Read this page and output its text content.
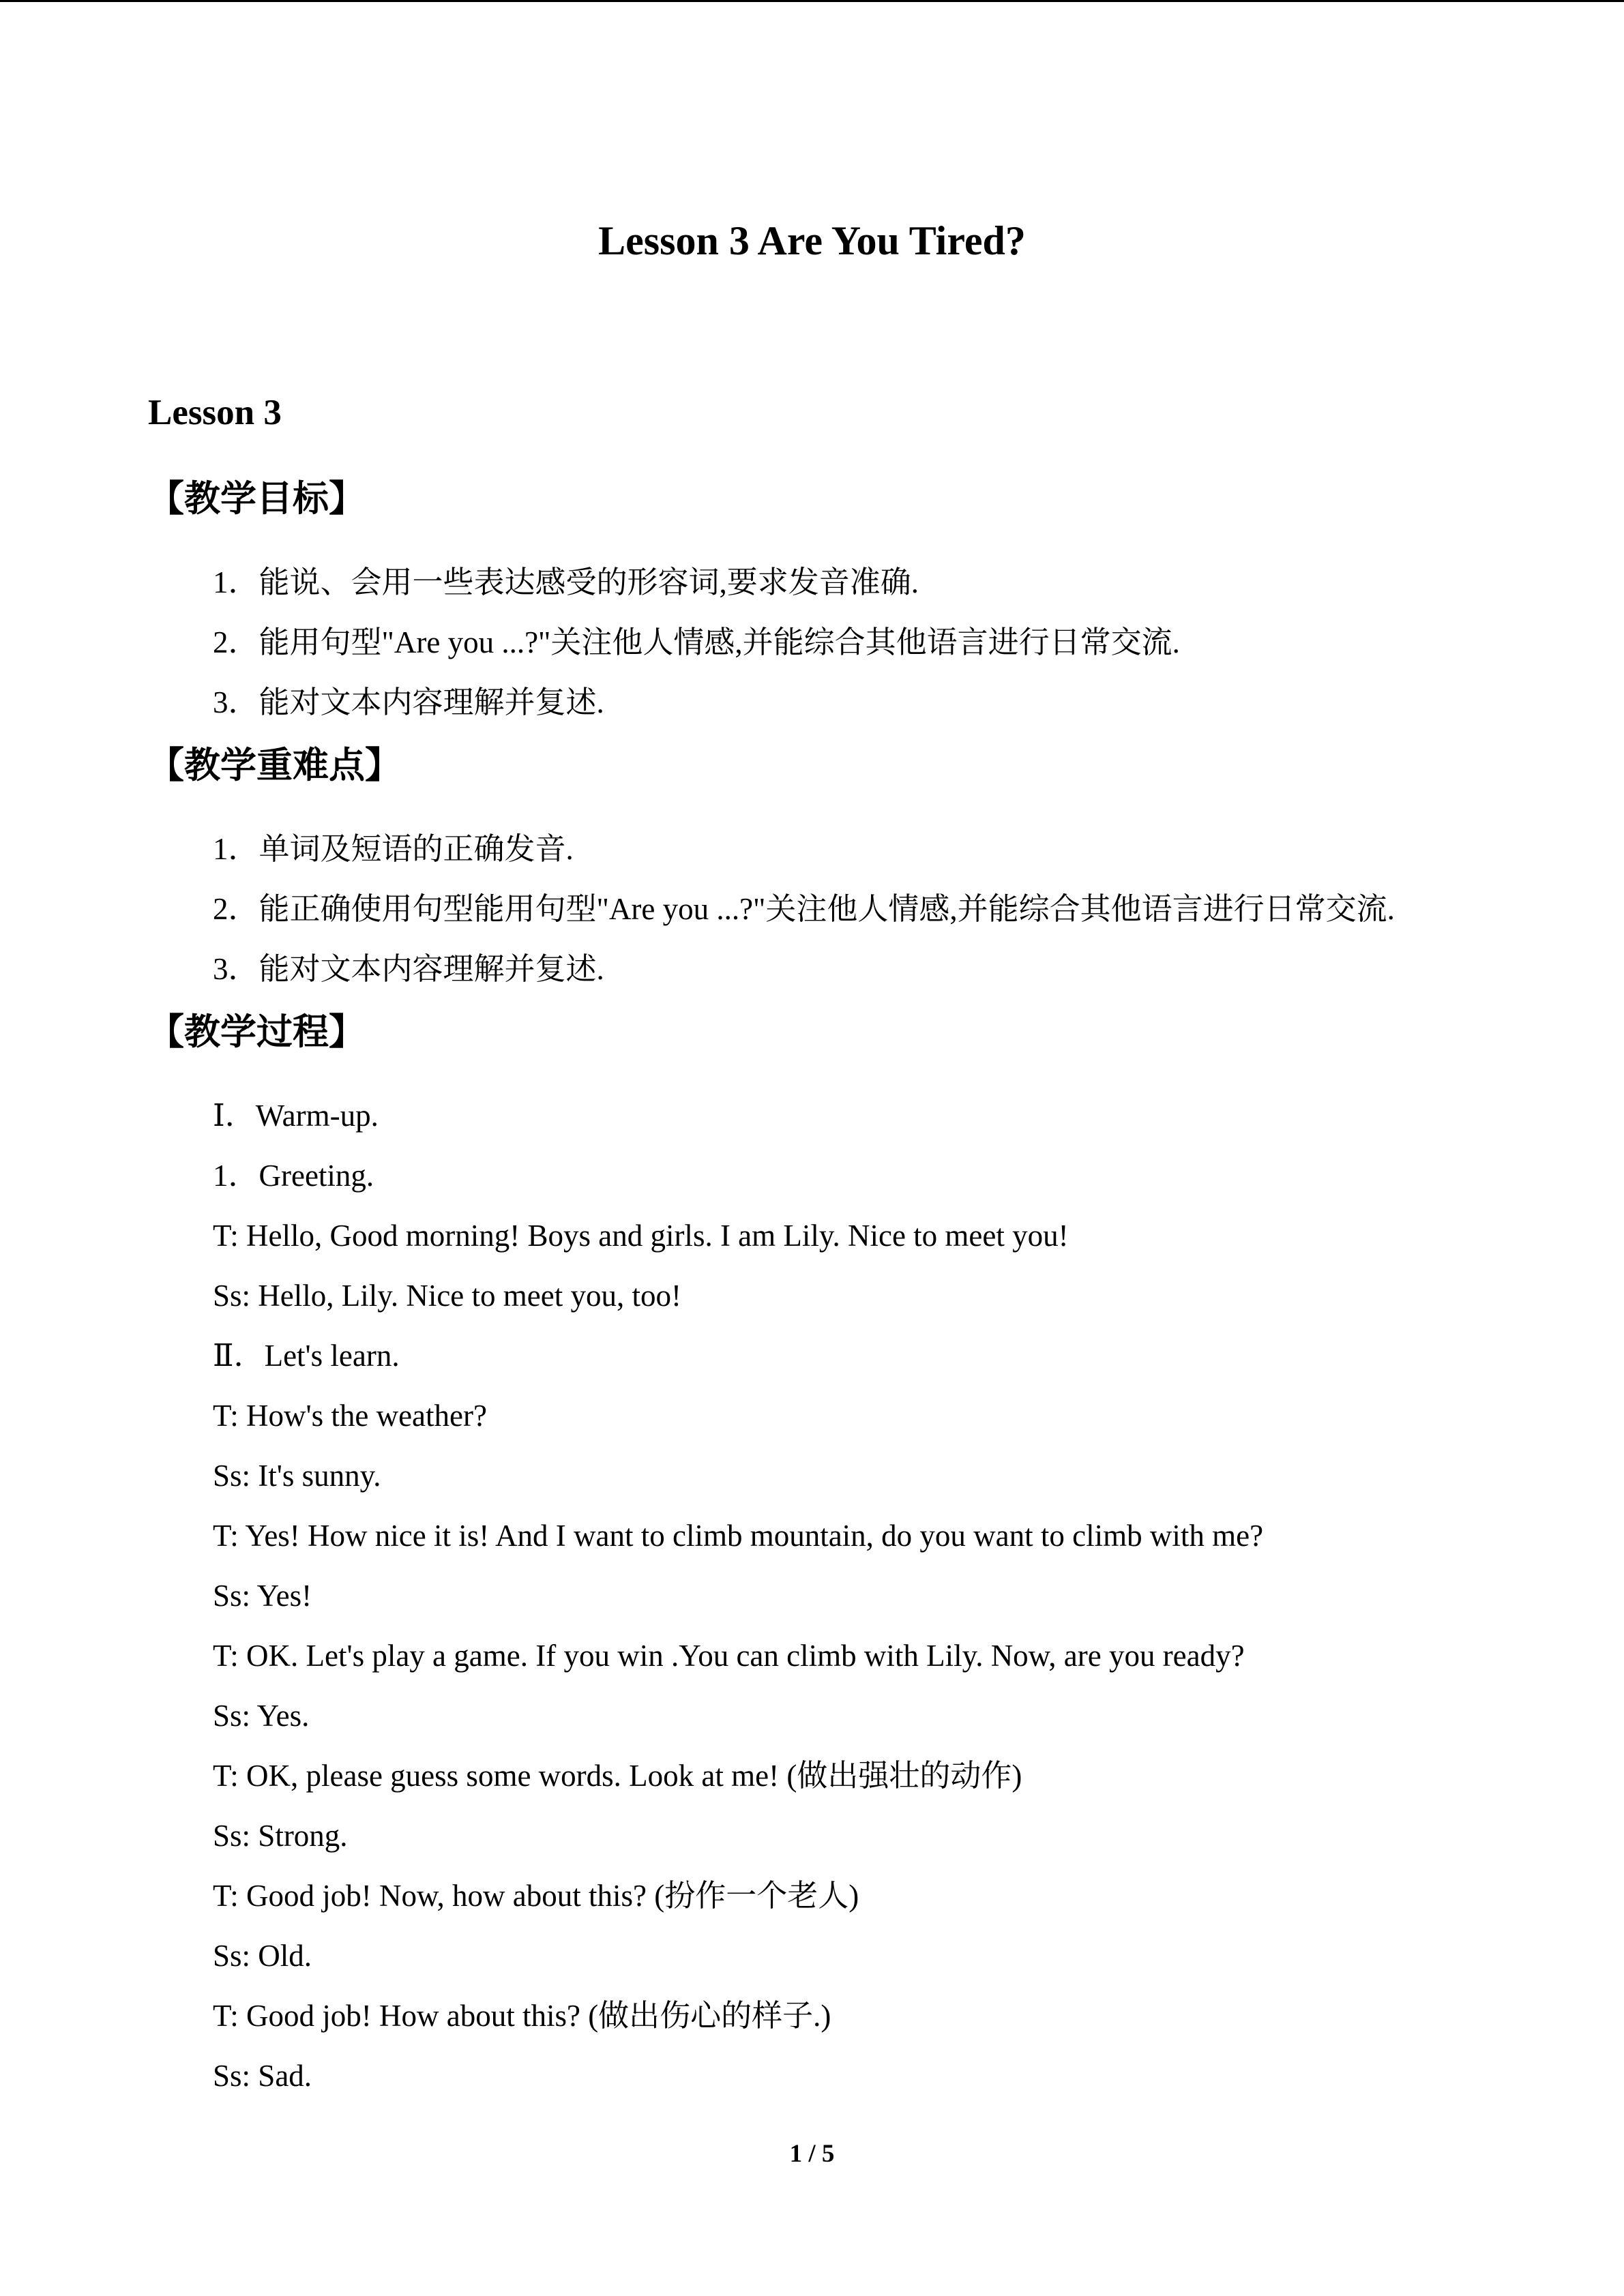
Lesson 3 Are You Tired?
Lesson 3
【教学目标】
1．能说、会用一些表达感受的形容词,要求发音准确.
2．能用句型"Are you ...?"关注他人情感,并能综合其他语言进行日常交流.
3．能对文本内容理解并复述.
【教学重难点】
1．单词及短语的正确发音.
2．能正确使用句型能用句型"Are you ...?"关注他人情感,并能综合其他语言进行日常交流.
3．能对文本内容理解并复述.
【教学过程】
Ⅰ．Warm-up.
1．Greeting.
T: Hello, Good morning! Boys and girls. I am Lily. Nice to meet you!
Ss: Hello, Lily. Nice to meet you, too!
Ⅱ．Let's learn.
T: How's the weather?
Ss: It's sunny.
T: Yes! How nice it is! And I want to climb mountain, do you want to climb with me?
Ss: Yes!
T: OK. Let's play a game. If you win .You can climb with Lily. Now, are you ready?
Ss: Yes.
T: OK, please guess some words. Look at me! (做出强壮的动作)
Ss: Strong.
T: Good job! Now, how about this? (扮作一个老人)
Ss: Old.
T: Good job! How about this? (做出伤心的样子.)
Ss: Sad.
1 / 5
